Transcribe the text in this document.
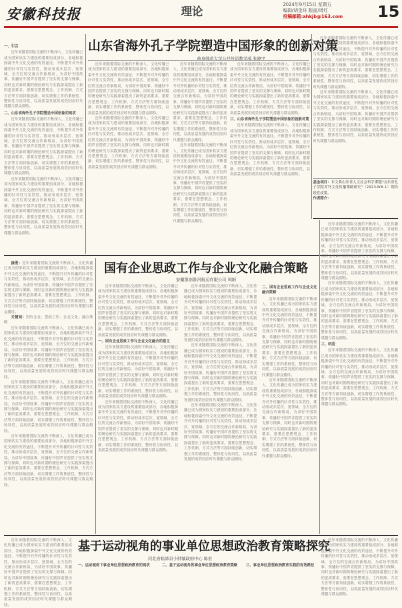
安徽科技报	理论	2024年9月15日 星期五
编辑/胡金环 版面/周红
投稿邮箱:ahkjb@163.com	15
山东省海外孔子学院塑造中国形象的创新对策
曲阜师范大学公共外语教学部 张晓宇

一、引言

近年来随着国际交流的不断深入，文化传播已成为国家软实力建设的重要组成部分，各地积极探索中外文化交流的有效途径，不断提升对外传播的针对性与实效性，推动形成多层次、宽领域、全方位的交流合作新格局，为讲好中国故事、传播好中国声音提供了坚实的支撑与保障，同时也对新时期的理论研究与实践探索提出了新的更高要求，需要在思想观念、工作机制、方式方法等方面持续创新，切实增强工作的系统性、整体性与协同性，以高质量发展的成效回应时代课题与群众期待。

二、山东省海外孔子学院塑造中国形象的现状

近年来随着国际交流的不断深入，文化传播已成为国家软实力建设的重要组成部分，各地积极探索中外文化交流的有效途径，不断提升对外传播的针对性与实效性，推动形成多层次、宽领域、全方位的交流合作新格局，为讲好中国故事、传播好中国声音提供了坚实的支撑与保障，同时也对新时期的理论研究与实践探索提出了新的更高要求，需要在思想观念、工作机制、方式方法等方面持续创新，切实增强工作的系统性、整体性与协同性，以高质量发展的成效回应时代课题与群众期待。

近年来随着国际交流的不断深入，文化传播已成为国家软实力建设的重要组成部分，各地积极探索中外文化交流的有效途径，不断提升对外传播的针对性与实效性，推动形成多层次、宽领域、全方位的交流合作新格局，为讲好中国故事、传播好中国声音提供了坚实的支撑与保障，同时也对新时期的理论研究与实践探索提出了新的更高要求，需要在思想观念、工作机制、方式方法等方面持续创新，切实增强工作的系统性、整体性与协同性，以高质量发展的成效回应时代课题与群众期待。

近年来随着国际交流的不断深入，文化传播已成为国家软实力建设的重要组成部分，各地积极探索中外文化交流的有效途径，不断提升对外传播的针对性与实效性，推动形成多层次、宽领域、全方位的交流合作新格局，为讲好中国故事、传播好中国声音提供了坚实的支撑与保障，同时也对新时期的理论研究与实践探索提出了新的更高要求，需要在思想观念、工作机制、方式方法等方面持续创新，切实增强工作的系统性、整体性与协同性，以高质量发展的成效回应时代课题与群众期待。

近年来随着国际交流的不断深入，文化传播已成为国家软实力建设的重要组成部分，各地积极探索中外文化交流的有效途径，不断提升对外传播的针对性与实效性，推动形成多层次、宽领域、全方位的交流合作新格局，为讲好中国故事、传播好中国声音提供了坚实的支撑与保障，同时也对新时期的理论研究与实践探索提出了新的更高要求，需要在思想观念、工作机制、方式方法等方面持续创新，切实增强工作的系统性、整体性与协同性，以高质量发展的成效回应时代课题与群众期待。

近年来随着国际交流的不断深入，文化传播已成为国家软实力建设的重要组成部分，各地积极探索中外文化交流的有效途径，不断提升对外传播的针对性与实效性，推动形成多层次、宽领域、全方位的交流合作新格局，为讲好中国故事、传播好中国声音提供了坚实的支撑与保障，同时也对新时期的理论研究与实践探索提出了新的更高要求，需要在思想观念、工作机制、方式方法等方面持续创新，切实增强工作的系统性、整体性与协同性，以高质量发展的成效回应时代课题与群众期待。

近年来随着国际交流的不断深入，文化传播已成为国家软实力建设的重要组成部分，各地积极探索中外文化交流的有效途径，不断提升对外传播的针对性与实效性，推动形成多层次、宽领域、全方位的交流合作新格局，为讲好中国故事、传播好中国声音提供了坚实的支撑与保障，同时也对新时期的理论研究与实践探索提出了新的更高要求，需要在思想观念、工作机制、方式方法等方面持续创新，切实增强工作的系统性、整体性与协同性，以高质量发展的成效回应时代课题与群众期待。

近年来随着国际交流的不断深入，文化传播已成为国家软实力建设的重要组成部分，各地积极探索中外文化交流的有效途径，不断提升对外传播的针对性与实效性，推动形成多层次、宽领域、全方位的交流合作新格局，为讲好中国故事、传播好中国声音提供了坚实的支撑与保障，同时也对新时期的理论研究与实践探索提出了新的更高要求，需要在思想观念、工作机制、方式方法等方面持续创新，切实增强工作的系统性、整体性与协同性，以高质量发展的成效回应时代课题与群众期待。

三、山东省海外孔子学院塑造中国形象的创新对策

近年来随着国际交流的不断深入，文化传播已成为国家软实力建设的重要组成部分，各地积极探索中外文化交流的有效途径，不断提升对外传播的针对性与实效性，推动形成多层次、宽领域、全方位的交流合作新格局，为讲好中国故事、传播好中国声音提供了坚实的支撑与保障，同时也对新时期的理论研究与实践探索提出了新的更高要求，需要在思想观念、工作机制、方式方法等方面持续创新，切实增强工作的系统性、整体性与协同性，以高质量发展的成效回应时代课题与群众期待。

近年来随着国际交流的不断深入，文化传播已成为国家软实力建设的重要组成部分，各地积极探索中外文化交流的有效途径，不断提升对外传播的针对性与实效性，推动形成多层次、宽领域、全方位的交流合作新格局，为讲好中国故事、传播好中国声音提供了坚实的支撑与保障，同时也对新时期的理论研究与实践探索提出了新的更高要求，需要在思想观念、工作机制、方式方法等方面持续创新，切实增强工作的系统性、整体性与协同性，以高质量发展的成效回应时代课题与群众期待。

近年来随着国际交流的不断深入，文化传播已成为国家软实力建设的重要组成部分，各地积极探索中外文化交流的有效途径，不断提升对外传播的针对性与实效性，推动形成多层次、宽领域、全方位的交流合作新格局，为讲好中国故事、传播好中国声音提供了坚实的支撑与保障，同时也对新时期的理论研究与实践探索提出了新的更高要求，需要在思想观念、工作机制、方式方法等方面持续创新，切实增强工作的系统性、整体性与协同性，以高质量发展的成效回应时代课题与群众期待。

基金项目：本文系山东省人文社会科学课题"山东省孔子学院对外文化传播策略研究"（2023-WH-1）的阶段性成果。
作者简介：
国有企业思政工作与企业文化融合策略
安徽淮南淮河航运有限公司 周娟

摘要：近年来随着国际交流的不断深入，文化传播已成为国家软实力建设的重要组成部分，各地积极探索中外文化交流的有效途径，不断提升对外传播的针对性与实效性，推动形成多层次、宽领域、全方位的交流合作新格局，为讲好中国故事、传播好中国声音提供了坚实的支撑与保障，同时也对新时期的理论研究与实践探索提出了新的更高要求，需要在思想观念、工作机制、方式方法等方面持续创新，切实增强工作的系统性、整体性与协同性，以高质量发展的成效回应时代课题与群众期待。

关键词：国有企业；思政工作；企业文化；融合策略

近年来随着国际交流的不断深入，文化传播已成为国家软实力建设的重要组成部分，各地积极探索中外文化交流的有效途径，不断提升对外传播的针对性与实效性，推动形成多层次、宽领域、全方位的交流合作新格局，为讲好中国故事、传播好中国声音提供了坚实的支撑与保障，同时也对新时期的理论研究与实践探索提出了新的更高要求，需要在思想观念、工作机制、方式方法等方面持续创新，切实增强工作的系统性、整体性与协同性，以高质量发展的成效回应时代课题与群众期待。

近年来随着国际交流的不断深入，文化传播已成为国家软实力建设的重要组成部分，各地积极探索中外文化交流的有效途径，不断提升对外传播的针对性与实效性，推动形成多层次、宽领域、全方位的交流合作新格局，为讲好中国故事、传播好中国声音提供了坚实的支撑与保障，同时也对新时期的理论研究与实践探索提出了新的更高要求，需要在思想观念、工作机制、方式方法等方面持续创新，切实增强工作的系统性、整体性与协同性，以高质量发展的成效回应时代课题与群众期待。

近年来随着国际交流的不断深入，文化传播已成为国家软实力建设的重要组成部分，各地积极探索中外文化交流的有效途径，不断提升对外传播的针对性与实效性，推动形成多层次、宽领域、全方位的交流合作新格局，为讲好中国故事、传播好中国声音提供了坚实的支撑与保障，同时也对新时期的理论研究与实践探索提出了新的更高要求，需要在思想观念、工作机制、方式方法等方面持续创新，切实增强工作的系统性、整体性与协同性，以高质量发展的成效回应时代课题与群众期待。

近年来随着国际交流的不断深入，文化传播已成为国家软实力建设的重要组成部分，各地积极探索中外文化交流的有效途径，不断提升对外传播的针对性与实效性，推动形成多层次、宽领域、全方位的交流合作新格局，为讲好中国故事、传播好中国声音提供了坚实的支撑与保障，同时也对新时期的理论研究与实践探索提出了新的更高要求，需要在思想观念、工作机制、方式方法等方面持续创新，切实增强工作的系统性、整体性与协同性，以高质量发展的成效回应时代课题与群众期待。

一、国有企业思政工作与企业文化融合的意义

近年来随着国际交流的不断深入，文化传播已成为国家软实力建设的重要组成部分，各地积极探索中外文化交流的有效途径，不断提升对外传播的针对性与实效性，推动形成多层次、宽领域、全方位的交流合作新格局，为讲好中国故事、传播好中国声音提供了坚实的支撑与保障，同时也对新时期的理论研究与实践探索提出了新的更高要求，需要在思想观念、工作机制、方式方法等方面持续创新，切实增强工作的系统性、整体性与协同性，以高质量发展的成效回应时代课题与群众期待。

近年来随着国际交流的不断深入，文化传播已成为国家软实力建设的重要组成部分，各地积极探索中外文化交流的有效途径，不断提升对外传播的针对性与实效性，推动形成多层次、宽领域、全方位的交流合作新格局，为讲好中国故事、传播好中国声音提供了坚实的支撑与保障，同时也对新时期的理论研究与实践探索提出了新的更高要求，需要在思想观念、工作机制、方式方法等方面持续创新，切实增强工作的系统性、整体性与协同性，以高质量发展的成效回应时代课题与群众期待。

近年来随着国际交流的不断深入，文化传播已成为国家软实力建设的重要组成部分，各地积极探索中外文化交流的有效途径，不断提升对外传播的针对性与实效性，推动形成多层次、宽领域、全方位的交流合作新格局，为讲好中国故事、传播好中国声音提供了坚实的支撑与保障，同时也对新时期的理论研究与实践探索提出了新的更高要求，需要在思想观念、工作机制、方式方法等方面持续创新，切实增强工作的系统性、整体性与协同性，以高质量发展的成效回应时代课题与群众期待。

近年来随着国际交流的不断深入，文化传播已成为国家软实力建设的重要组成部分，各地积极探索中外文化交流的有效途径，不断提升对外传播的针对性与实效性，推动形成多层次、宽领域、全方位的交流合作新格局，为讲好中国故事、传播好中国声音提供了坚实的支撑与保障，同时也对新时期的理论研究与实践探索提出了新的更高要求，需要在思想观念、工作机制、方式方法等方面持续创新，切实增强工作的系统性、整体性与协同性，以高质量发展的成效回应时代课题与群众期待。

近年来随着国际交流的不断深入，文化传播已成为国家软实力建设的重要组成部分，各地积极探索中外文化交流的有效途径，不断提升对外传播的针对性与实效性，推动形成多层次、宽领域、全方位的交流合作新格局，为讲好中国故事、传播好中国声音提供了坚实的支撑与保障，同时也对新时期的理论研究与实践探索提出了新的更高要求，需要在思想观念、工作机制、方式方法等方面持续创新，切实增强工作的系统性、整体性与协同性，以高质量发展的成效回应时代课题与群众期待。

二、国有企业思政工作与企业文化融合策略

近年来随着国际交流的不断深入，文化传播已成为国家软实力建设的重要组成部分，各地积极探索中外文化交流的有效途径，不断提升对外传播的针对性与实效性，推动形成多层次、宽领域、全方位的交流合作新格局，为讲好中国故事、传播好中国声音提供了坚实的支撑与保障，同时也对新时期的理论研究与实践探索提出了新的更高要求，需要在思想观念、工作机制、方式方法等方面持续创新，切实增强工作的系统性、整体性与协同性，以高质量发展的成效回应时代课题与群众期待。

近年来随着国际交流的不断深入，文化传播已成为国家软实力建设的重要组成部分，各地积极探索中外文化交流的有效途径，不断提升对外传播的针对性与实效性，推动形成多层次、宽领域、全方位的交流合作新格局，为讲好中国故事、传播好中国声音提供了坚实的支撑与保障，同时也对新时期的理论研究与实践探索提出了新的更高要求，需要在思想观念、工作机制、方式方法等方面持续创新，切实增强工作的系统性、整体性与协同性，以高质量发展的成效回应时代课题与群众期待。

近年来随着国际交流的不断深入，文化传播已成为国家软实力建设的重要组成部分，各地积极探索中外文化交流的有效途径，不断提升对外传播的针对性与实效性，推动形成多层次、宽领域、全方位的交流合作新格局，为讲好中国故事、传播好中国声音提供了坚实的支撑与保障，同时也对新时期的理论研究与实践探索提出了新的更高要求，需要在思想观念、工作机制、方式方法等方面持续创新，切实增强工作的系统性、整体性与协同性，以高质量发展的成效回应时代课题与群众期待。

近年来随着国际交流的不断深入，文化传播已成为国家软实力建设的重要组成部分，各地积极探索中外文化交流的有效途径，不断提升对外传播的针对性与实效性，推动形成多层次、宽领域、全方位的交流合作新格局，为讲好中国故事、传播好中国声音提供了坚实的支撑与保障，同时也对新时期的理论研究与实践探索提出了新的更高要求，需要在思想观念、工作机制、方式方法等方面持续创新，切实增强工作的系统性、整体性与协同性，以高质量发展的成效回应时代课题与群众期待。

三、结语

近年来随着国际交流的不断深入，文化传播已成为国家软实力建设的重要组成部分，各地积极探索中外文化交流的有效途径，不断提升对外传播的针对性与实效性，推动形成多层次、宽领域、全方位的交流合作新格局，为讲好中国故事、传播好中国声音提供了坚实的支撑与保障，同时也对新时期的理论研究与实践探索提出了新的更高要求，需要在思想观念、工作机制、方式方法等方面持续创新，切实增强工作的系统性、整体性与协同性，以高质量发展的成效回应时代课题与群众期待。

基于运动视角的事业单位思想政治教育策略探究
河北省临漳县小胖镇政府中心 陈宏

近年来随着国际交流的不断深入，文化传播已成为国家软实力建设的重要组成部分，各地积极探索中外文化交流的有效途径，不断提升对外传播的针对性与实效性，推动形成多层次、宽领域、全方位的交流合作新格局，为讲好中国故事、传播好中国声音提供了坚实的支撑与保障，同时也对新时期的理论研究与实践探索提出了新的更高要求，需要在思想观念、工作机制、方式方法等方面持续创新，切实增强工作的系统性、整体性与协同性，以高质量发展的成效回应时代课题与群众期待。

一、运动视角下事业单位思想政治教育的现状	二、基于运动视角的事业单位思想政治教育策略	三、事业单位思想政治教育实践的有效路径

近年来随着国际交流的不断深入，文化传播已成为国家软实力建设的重要组成部分，各地积极探索中外文化交流的有效途径，不断提升对外传播的针对性与实效性，推动形成多层次、宽领域、全方位的交流合作新格局，为讲好中国故事、传播好中国声音提供了坚实的支撑与保障，同时也对新时期的理论研究与实践探索提出了新的更高要求，需要在思想观念、工作机制、方式方法等方面持续创新，切实增强工作的系统性、整体性与协同性，以高质量发展的成效回应时代课题与群众期待。
